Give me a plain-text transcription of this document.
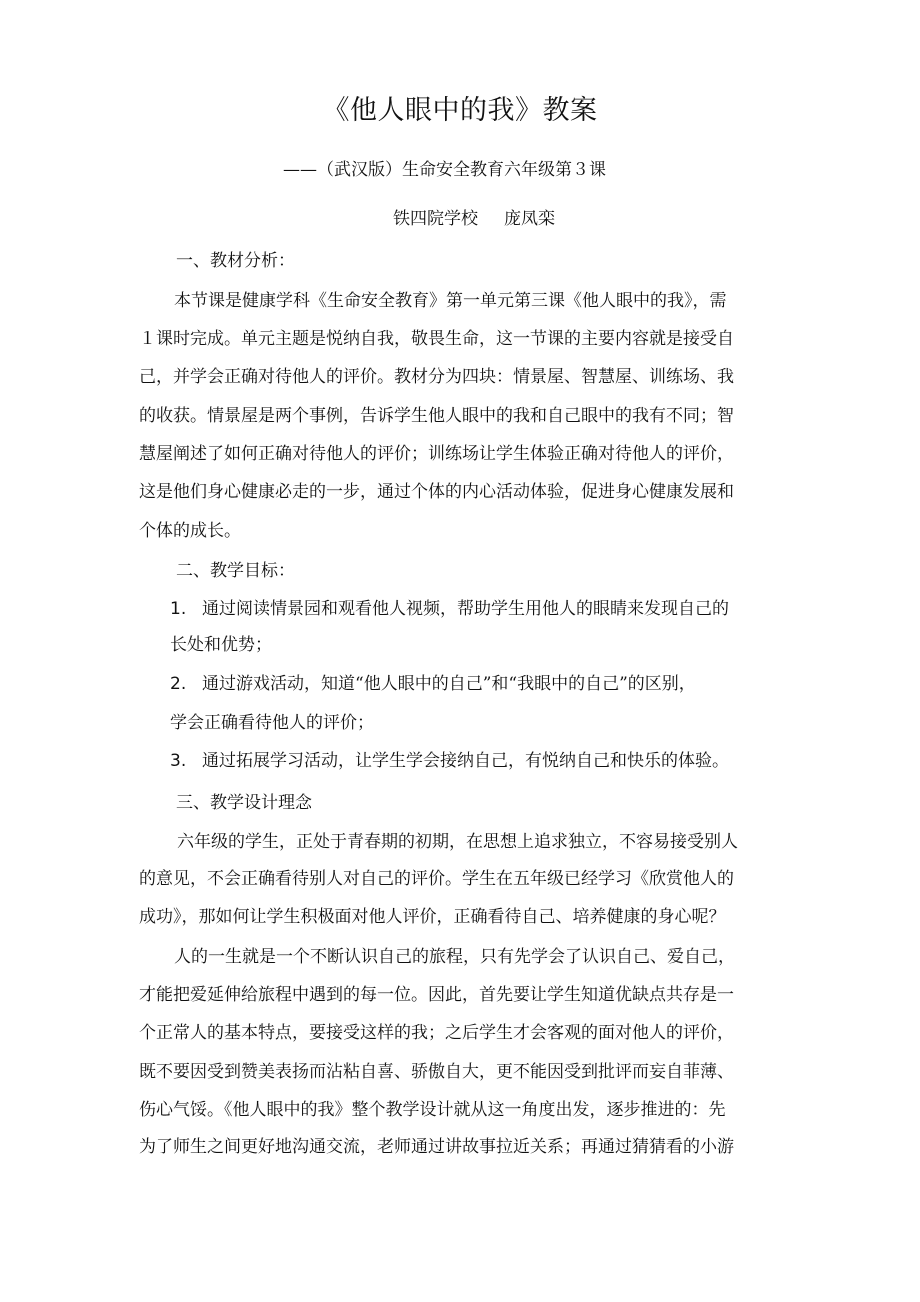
《他人眼中的我》教案

——（武汉版）生命安全教育六年级第３课

铁四院学校 庞凤栾

一、教材分析：

本节课是健康学科《生命安全教育》第一单元第三课《他人眼中的我》，需

１课时完成。单元主题是悦纳自我，敬畏生命，这一节课的主要内容就是接受自

己，并学会正确对待他人的评价。教材分为四块：情景屋、智慧屋、训练场、我

的收获。情景屋是两个事例，告诉学生他人眼中的我和自己眼中的我有不同；智

慧屋阐述了如何正确对待他人的评价；训练场让学生体验正确对待他人的评价，

这是他们身心健康必走的一步，通过个体的内心活动体验，促进身心健康发展和

个体的成长。

二、教学目标：

1. 通过阅读情景园和观看他人视频，帮助学生用他人的眼睛来发现自己的

长处和优势；

2. 通过游戏活动，知道“他人眼中的自己”和“我眼中的自己”的区别，

学会正确看待他人的评价；

3. 通过拓展学习活动，让学生学会接纳自己，有悦纳自己和快乐的体验。

三、教学设计理念

六年级的学生，正处于青春期的初期，在思想上追求独立，不容易接受别人

的意见，不会正确看待别人对自己的评价。学生在五年级已经学习《欣赏他人的

成功》，那如何让学生积极面对他人评价，正确看待自己、培养健康的身心呢？

人的一生就是一个不断认识自己的旅程，只有先学会了认识自己、爱自己，

才能把爱延伸给旅程中遇到的每一位。因此，首先要让学生知道优缺点共存是一

个正常人的基本特点，要接受这样的我；之后学生才会客观的面对他人的评价，

既不要因受到赞美表扬而沾粘自喜、骄傲自大，更不能因受到批评而妄自菲薄、

伤心气馁。《他人眼中的我》整个教学设计就从这一角度出发，逐步推进的：先

为了师生之间更好地沟通交流，老师通过讲故事拉近关系；再通过猜猜看的小游
